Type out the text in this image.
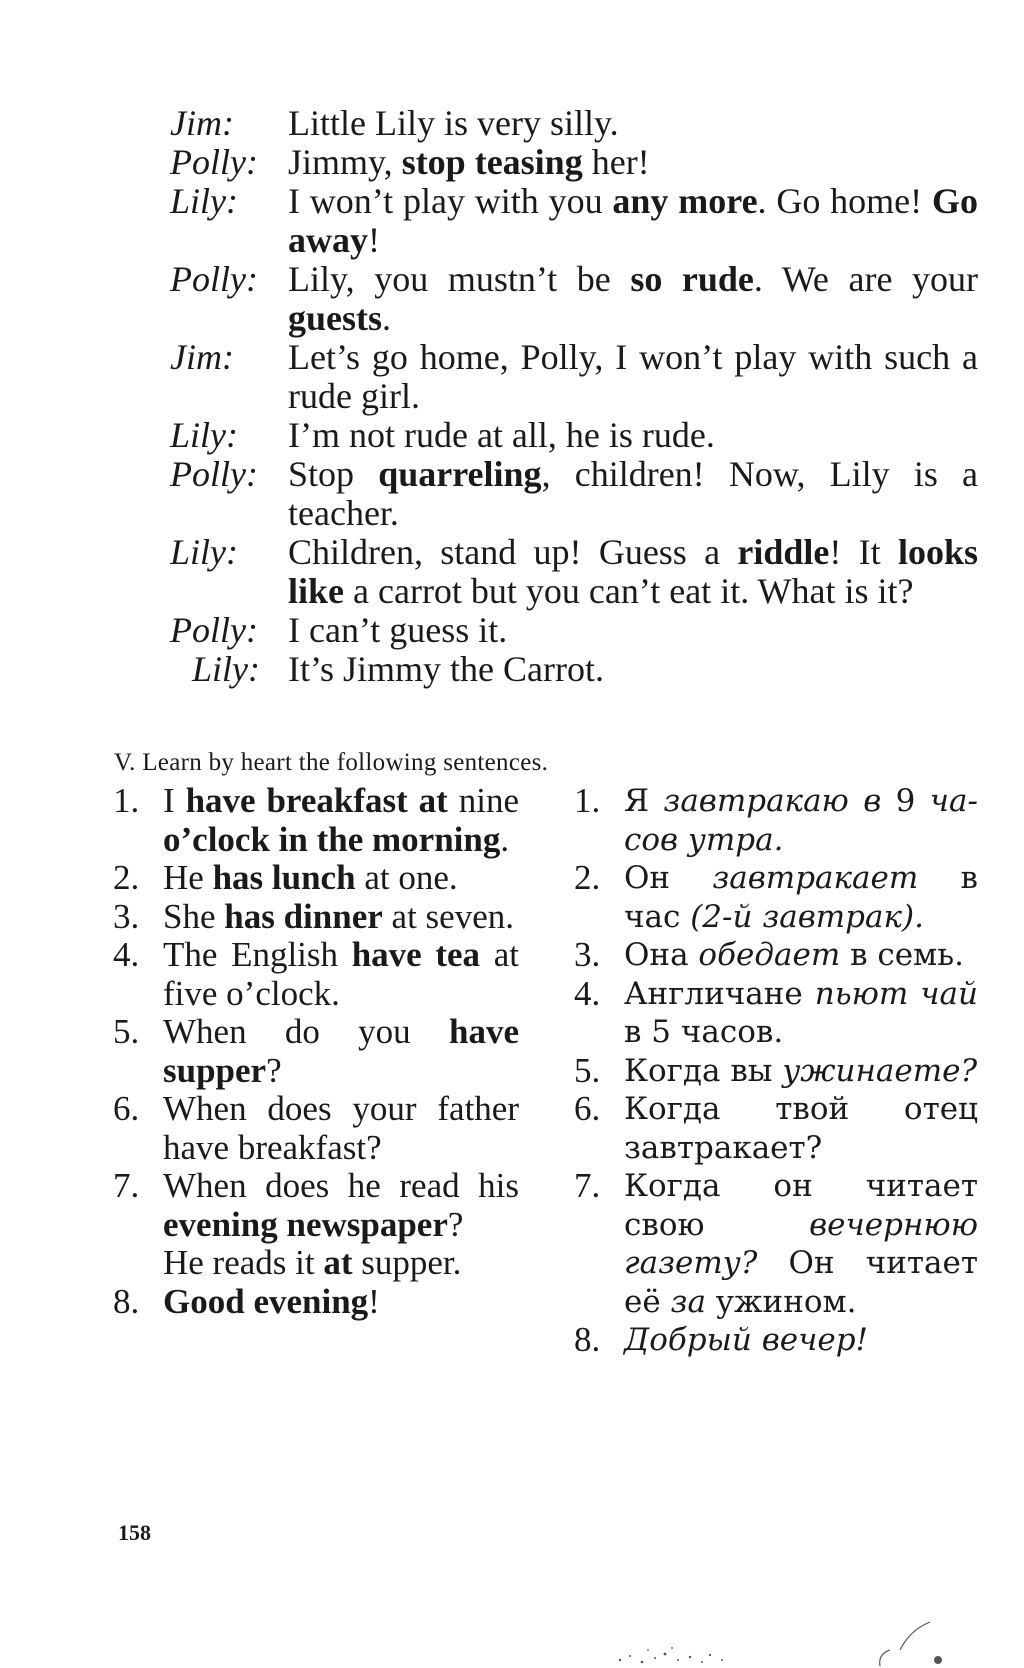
Jim:	Little Lily is very silly.
Polly: Jimmy, stop teasing her!
Lily:	I won’t play with you any more. Go home! Go away!
Polly: Lily, you mustn’t be so rude. We are your guests.
Jim:	Let’s go home, Polly, I won’t play with such a rude girl.
Lily:	I’m not rude at all, he is rude.
Polly: Stop quarreling, children! Now, Lily is a teacher.
Lily:	Children, stand up! Guess a riddle! It looks like a carrot but you can’t eat it. What is it?
Polly: I can’t guess it.
Lily: It’s Jimmy the Carrot.
V. Learn by heart the following sentences.
1. I have breakfast at nine o’clock in the morning.
2. He has lunch at one.
3. She has dinner at seven.
4. The English have tea at five o’clock.
5. When do you have supper?
6. When does your father have breakfast?
7. When does he read his evening newspaper?
He reads it at supper.
8. Good evening!
1. Я завтракаю в 9 часов утра.
2. Он завтракает в час (2-й завтрак).
3. Она обедает в семь.
4. Англичане пьют чай в 5 часов.
5. Когда вы ужинаете?
6. Когда твой отец завтракает?
7. Когда он читает свою вечернюю газету? Он читает её за ужином.
8. Добрый вечер!
158
